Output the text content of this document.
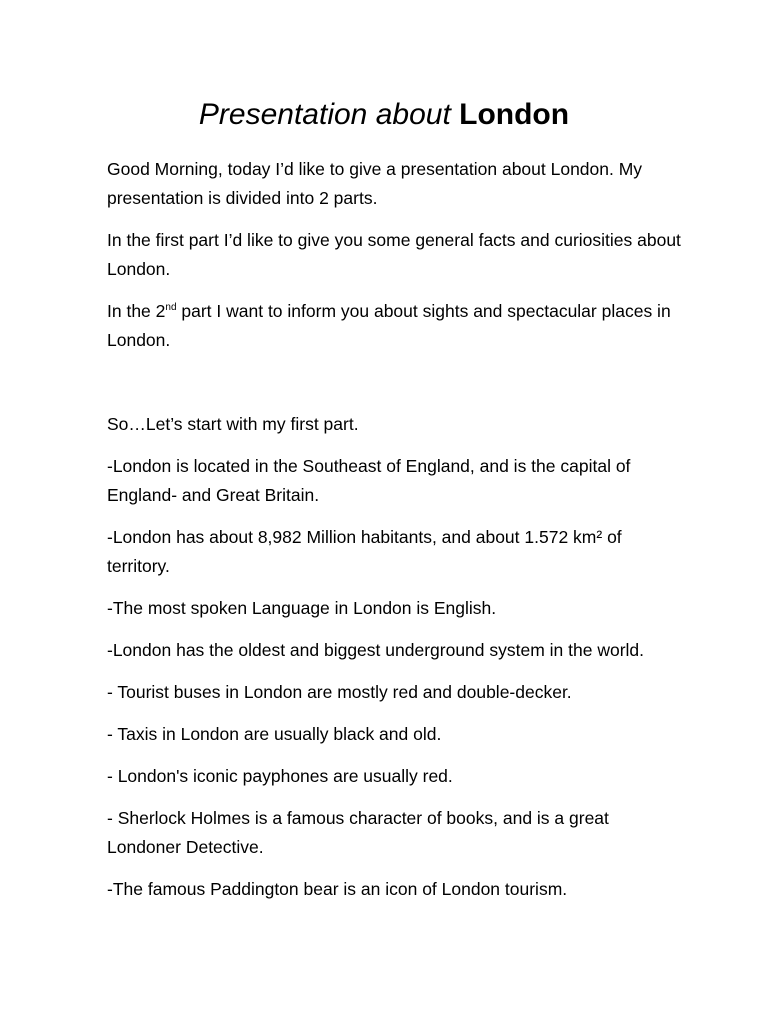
Presentation about London

Good Morning, today I’d like to give a presentation about London. My presentation is divided into 2 parts.

In the first part I’d like to give you some general facts and curiosities about London.

In the 2nd part I want to inform you about sights and spectacular places in London.

So…Let’s start with my first part.

-London is located in the Southeast of England, and is the capital of England- and Great Britain.

-London has about 8,982 Million habitants, and about 1.572 km² of territory.

-The most spoken Language in London is English.

-London has the oldest and biggest underground system in the world.

- Tourist buses in London are mostly red and double-decker.

- Taxis in London are usually black and old.

- London's iconic payphones are usually red.

- Sherlock Holmes is a famous character of books, and is a great Londoner Detective.

-The famous Paddington bear is an icon of London tourism.
